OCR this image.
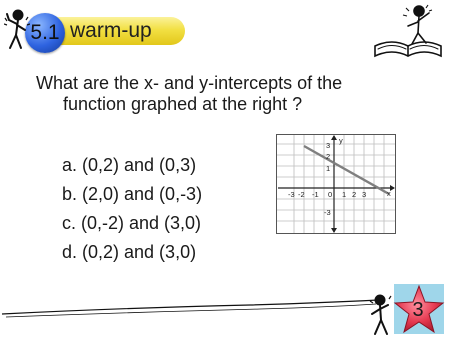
warm-up
5.1
What are the x- and y-intercepts of the
function graphed at the right ?
a. (0,2) and (0,3)
b. (2,0) and (0,-3)
c. (0,-2) and (3,0)
d. (0,2) and (3,0)
y
x
3
2
1
-3
-3 -2 -1 0 1 2 3
3
